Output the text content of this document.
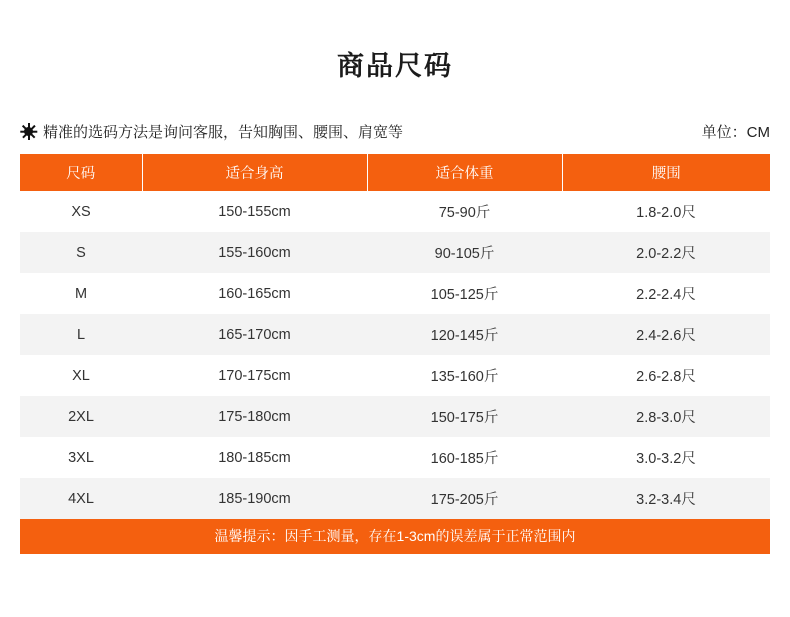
商品尺码
精准的选码方法是询问客服，告知胸围、腰围、肩宽等	单位：CM
尺码	适合身高	适合体重	腰围
XS	150-155cm	75-90斤	1.8-2.0尺
S	155-160cm	90-105斤	2.0-2.2尺
M	160-165cm	105-125斤	2.2-2.4尺
L	165-170cm	120-145斤	2.4-2.6尺
XL	170-175cm	135-160斤	2.6-2.8尺
2XL	175-180cm	150-175斤	2.8-3.0尺
3XL	180-185cm	160-185斤	3.0-3.2尺
4XL	185-190cm	175-205斤	3.2-3.4尺
温馨提示：因手工测量，存在1-3cm的误差属于正常范围内
